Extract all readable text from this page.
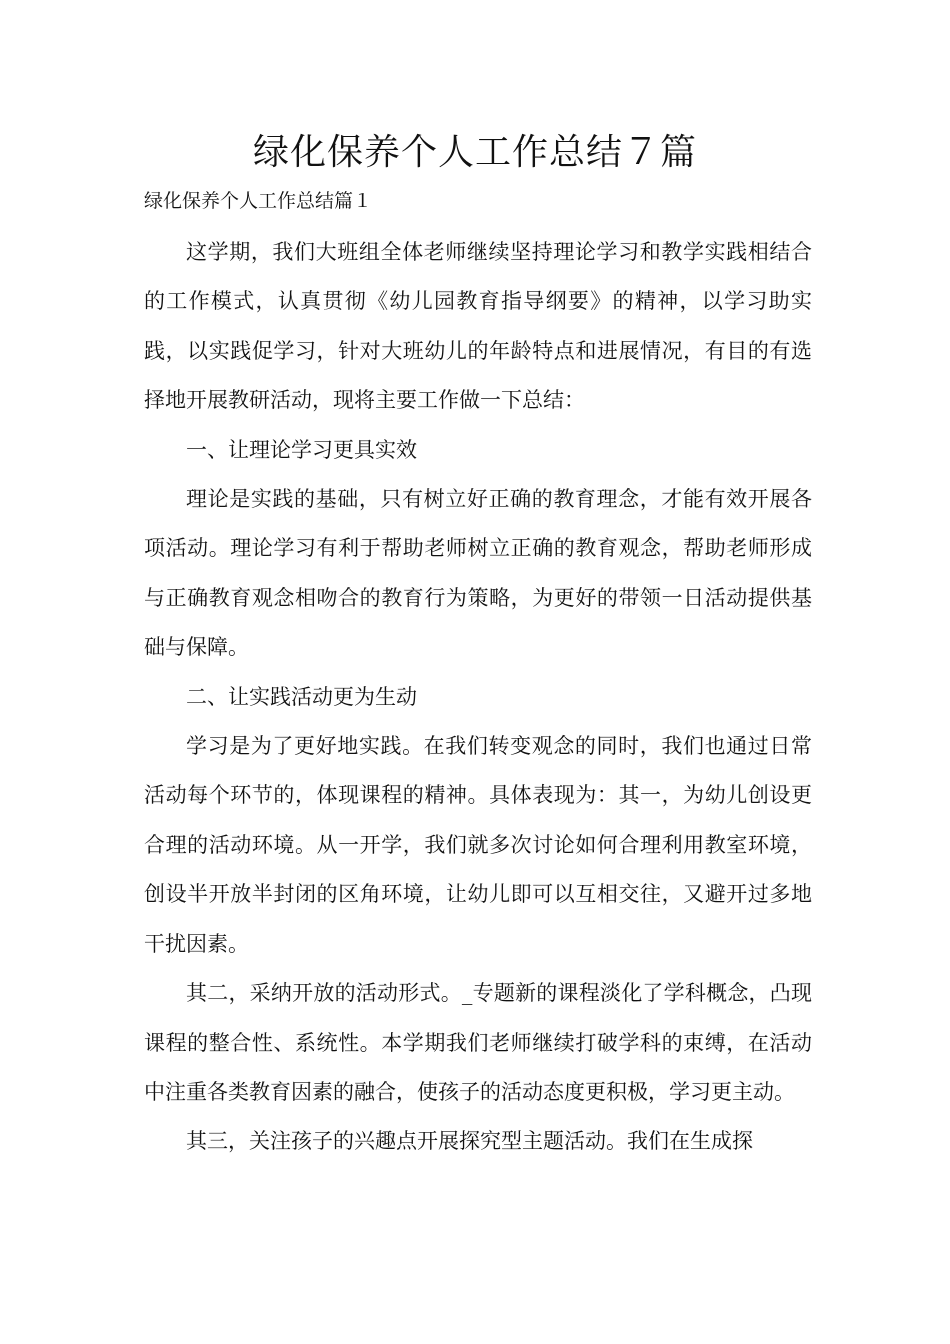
绿化保养个人工作总结７篇

绿化保养个人工作总结篇１

这学期，我们大班组全体老师继续坚持理论学习和教学实践相结合的工作模式，认真贯彻《幼儿园教育指导纲要》的精神，以学习助实践，以实践促学习，针对大班幼儿的年龄特点和进展情况，有目的有选择地开展教研活动，现将主要工作做一下总结：

一、让理论学习更具实效

理论是实践的基础，只有树立好正确的教育理念，才能有效开展各项活动。理论学习有利于帮助老师树立正确的教育观念，帮助老师形成与正确教育观念相吻合的教育行为策略，为更好的带领一日活动提供基础与保障。

二、让实践活动更为生动

学习是为了更好地实践。在我们转变观念的同时，我们也通过日常活动每个环节的，体现课程的精神。具体表现为：其一，为幼儿创设更合理的活动环境。从一开学，我们就多次讨论如何合理利用教室环境，创设半开放半封闭的区角环境，让幼儿即可以互相交往，又避开过多地干扰因素。

其二，采纳开放的活动形式。_专题新的课程淡化了学科概念，凸现课程的整合性、系统性。本学期我们老师继续打破学科的束缚，在活动中注重各类教育因素的融合，使孩子的活动态度更积极，学习更主动。

其三，关注孩子的兴趣点开展探究型主题活动。我们在生成探
